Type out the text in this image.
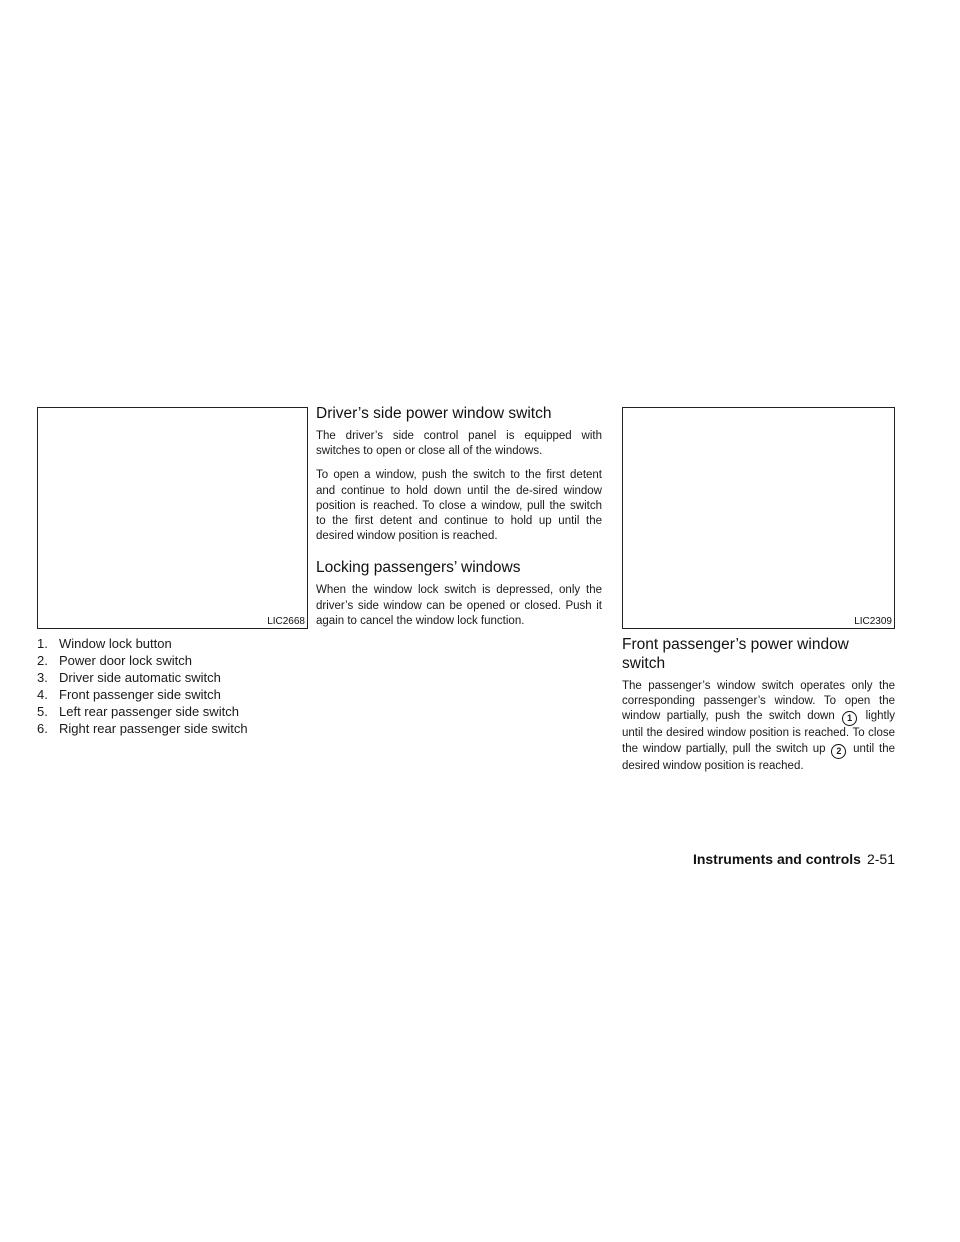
LIC2668	LIC2309
1. Window lock button
2. Power door lock switch
3. Driver side automatic switch
4. Front passenger side switch
5. Left rear passenger side switch
6. Right rear passenger side switch
Driver’s side power window switch

The driver’s side control panel is equipped with switches to open or close all of the windows.

To open a window, push the switch to the first detent and continue to hold down until the de-sired window position is reached. To close a window, pull the switch to the first detent and continue to hold up until the desired window position is reached.

Locking passengers’ windows

When the window lock switch is depressed, only the driver’s side window can be opened or closed. Push it again to cancel the window lock function.

Front passenger’s power window switch

The passenger’s window switch operates only the corresponding passenger’s window. To open the window partially, push the switch down 1 lightly until the desired window position is reached. To close the window partially, pull the switch up 2 until the desired window position is reached.

Instruments and controls 2-51
